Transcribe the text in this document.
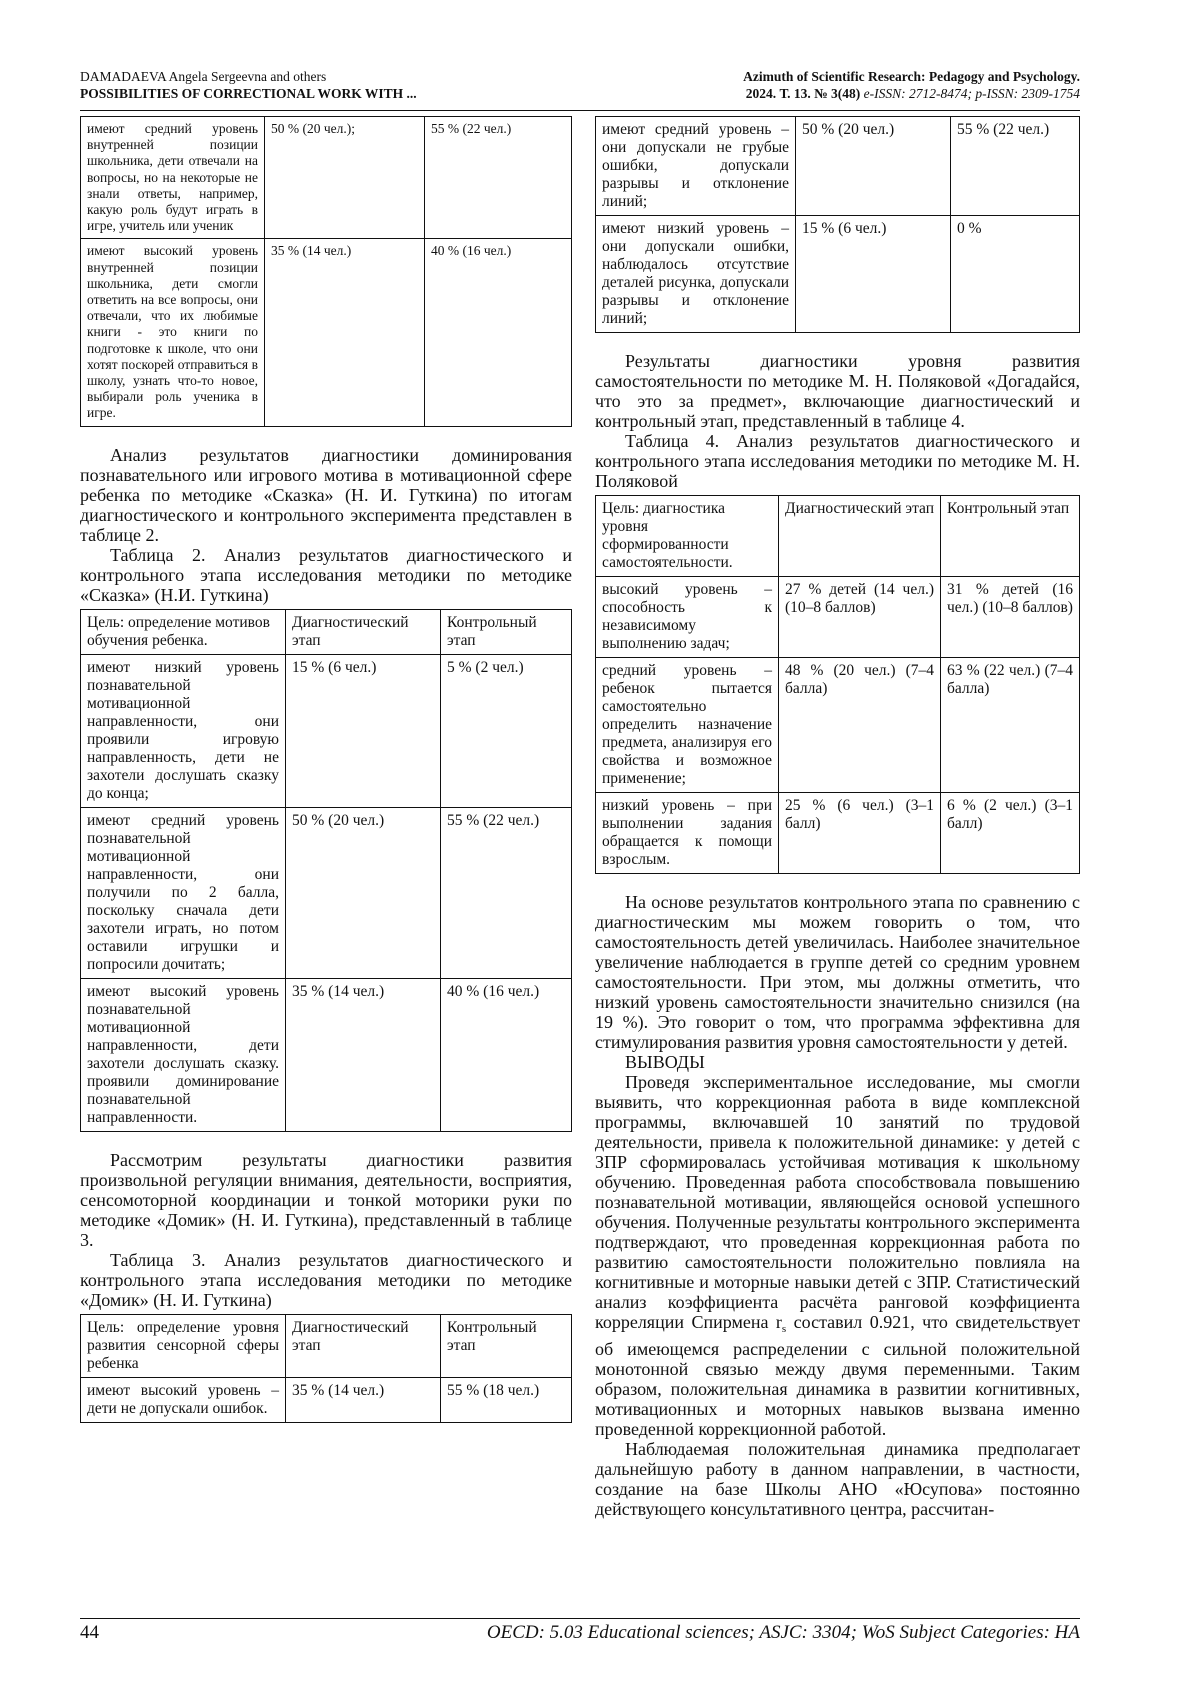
DAMADAEVA Angela Sergeevna and others
POSSIBILITIES OF CORRECTIONAL WORK WITH ...
Azimuth of Scientific Research: Pedagogy and Psychology.
2024. Т. 13. № 3(48) e-ISSN: 2712-8474; p-ISSN: 2309-1754
имеют средний уровень внутренней позиции школьника, дети отвечали на вопросы, но на некоторые не знали ответы, например, какую роль будут играть в игре, учитель или ученик	50 % (20 чел.);	55 % (22 чел.)
имеют высокий уровень внутренней позиции школьника, дети смогли ответить на все вопросы, они отвечали, что их любимые книги - это книги по подготовке к школе, что они хотят поскорей отправиться в школу, узнать что-то новое, выбирали роль ученика в игре.	35 % (14 чел.)	40 % (16 чел.)

Анализ результатов диагностики доминирования познавательного или игрового мотива в мотивационной сфере ребенка по методике «Сказка» (Н. И. Гуткина) по итогам диагностического и контрольного эксперимента представлен в таблице 2.

Таблица 2. Анализ результатов диагностического и контрольного этапа исследования методики по методике «Сказка» (Н.И. Гуткина)

Цель: определение мотивов обучения ребенка.	Диагностический этап	Контрольный этап
имеют низкий уровень познавательной мотивационной направленности, они проявили игровую направленность, дети не захотели дослушать сказку до конца;	15 % (6 чел.)	5 % (2 чел.)
имеют средний уровень познавательной мотивационной направленности, они получили по 2 балла, поскольку сначала дети захотели играть, но потом оставили игрушки и попросили дочитать;	50 % (20 чел.)	55 % (22 чел.)
имеют высокий уровень познавательной мотивационной направленности, дети захотели дослушать сказку. проявили доминирование познавательной направленности.	35 % (14 чел.)	40 % (16 чел.)

Рассмотрим результаты диагностики развития произвольной регуляции внимания, деятельности, восприятия, сенсомоторной координации и тонкой моторики руки по методике «Домик» (Н. И. Гуткина), представленный в таблице 3.

Таблица 3. Анализ результатов диагностического и контрольного этапа исследования методики по методике «Домик» (Н. И. Гуткина)

Цель: определение уровня развития сенсорной сферы ребенка	Диагностический этап	Контрольный этап
имеют высокий уровень – дети не допускали ошибок.	35 % (14 чел.)	55 % (18 чел.)
имеют средний уровень – они допускали не грубые ошибки, допускали разрывы и отклонение линий;	50 % (20 чел.)	55 % (22 чел.)
имеют низкий уровень – они допускали ошибки, наблюдалось отсутствие деталей рисунка, допускали разрывы и отклонение линий;	15 % (6 чел.)	0 %

Результаты диагностики уровня развития самостоятельности по методике М. Н. Поляковой «Догадайся, что это за предмет», включающие диагностический и контрольный этап, представленный в таблице 4.

Таблица 4. Анализ результатов диагностического и контрольного этапа исследования методики по методике М. Н. Поляковой

Цель: диагностика уровня сформированности самостоятельности.	Диагностический этап	Контрольный этап
высокий уровень – способность к независимому выполнению задач;	27 % детей (14 чел.) (10–8 баллов)	31 % детей (16 чел.) (10–8 баллов)
средний уровень – ребенок пытается самостоятельно определить назначение предмета, анализируя его свойства и возможное применение;	48 % (20 чел.) (7–4 балла)	63 % (22 чел.) (7–4 балла)
низкий уровень – при выполнении задания обращается к помощи взрослым.	25 % (6 чел.) (3–1 балл)	6 % (2 чел.) (3–1 балл)

На основе результатов контрольного этапа по сравнению с диагностическим мы можем говорить о том, что самостоятельность детей увеличилась. Наиболее значительное увеличение наблюдается в группе детей со средним уровнем самостоятельности. При этом, мы должны отметить, что низкий уровень самостоятельности значительно снизился (на 19 %). Это говорит о том, что программа эффективна для стимулирования развития уровня самостоятельности у детей.

ВЫВОДЫ

Проведя экспериментальное исследование, мы смогли выявить, что коррекционная работа в виде комплексной программы, включавшей 10 занятий по трудовой деятельности, привела к положительной динамике: у детей с ЗПР сформировалась устойчивая мотивация к школьному обучению. Проведенная работа способствовала повышению познавательной мотивации, являющейся основой успешного обучения. Полученные результаты контрольного эксперимента подтверждают, что проведенная коррекционная работа по развитию самостоятельности положительно повлияла на когнитивные и моторные навыки детей с ЗПР. Статистический анализ коэффициента расчёта ранговой коэффициента корреляции Спирмена $r_s$ составил 0.921, что свидетельствует об имеющемся распределении с сильной положительной монотонной связью между двумя переменными. Таким образом, положительная динамика в развитии когнитивных, мотивационных и моторных навыков вызвана именно проведенной коррекционной работой.

Наблюдаемая положительная динамика предполагает дальнейшую работу в данном направлении, в частности, создание на базе Школы АНО «Юсупова» постоянно действующего консультативного центра, рассчитан-

44	OECD: 5.03 Educational sciences; ASJC: 3304; WoS Subject Categories: HA
